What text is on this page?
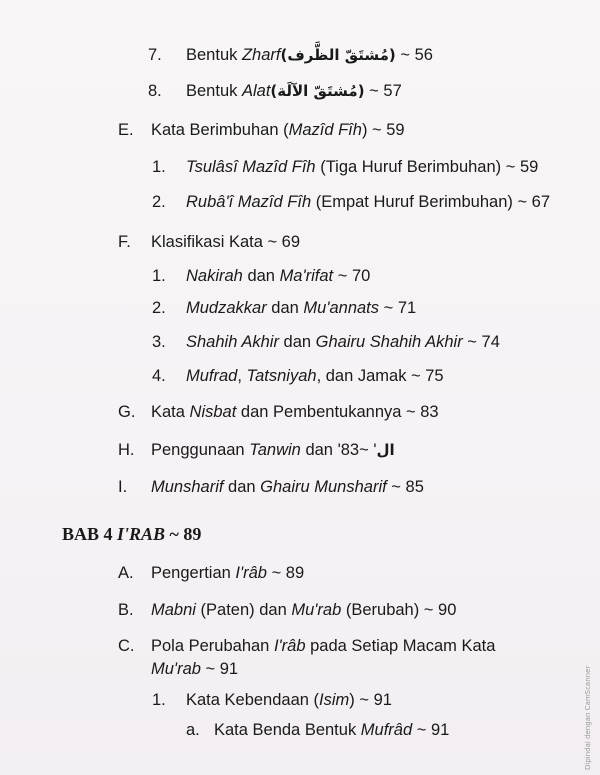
7. Bentuk Zharf(مُشتَقّ الظَّرف) ~ 56
8. Bentuk Alat(مُشتَقّ الآلَة) ~ 57
E. Kata Berimbuhan (Mazîd Fîh) ~ 59
1. Tsulâsî Mazîd Fîh (Tiga Huruf Berimbuhan) ~ 59
2. Rubâ'î Mazîd Fîh (Empat Huruf Berimbuhan) ~ 67
F. Klasifikasi Kata ~ 69
1. Nakirah dan Ma'rifat ~ 70
2. Mudzakkar dan Mu'annats ~ 71
3. Shahih Akhir dan Ghairu Shahih Akhir ~ 74
4. Mufrad, Tatsniyah, dan Jamak ~ 75
G. Kata Nisbat dan Pembentukannya ~ 83
H. Penggunaan Tanwin dan ' ال' ~83
I. Munsharif dan Ghairu Munsharif ~ 85
BAB 4 I'RAB ~ 89
A. Pengertian I'râb ~ 89
B. Mabni (Paten) dan Mu'rab (Berubah) ~ 90
C. Pola Perubahan I'râb pada Setiap Macam Kata
Mu'rab ~ 91
1. Kata Kebendaan (Isim) ~ 91
a. Kata Benda Bentuk Mufrâd ~ 91	Dipindai dengan CamScanner
